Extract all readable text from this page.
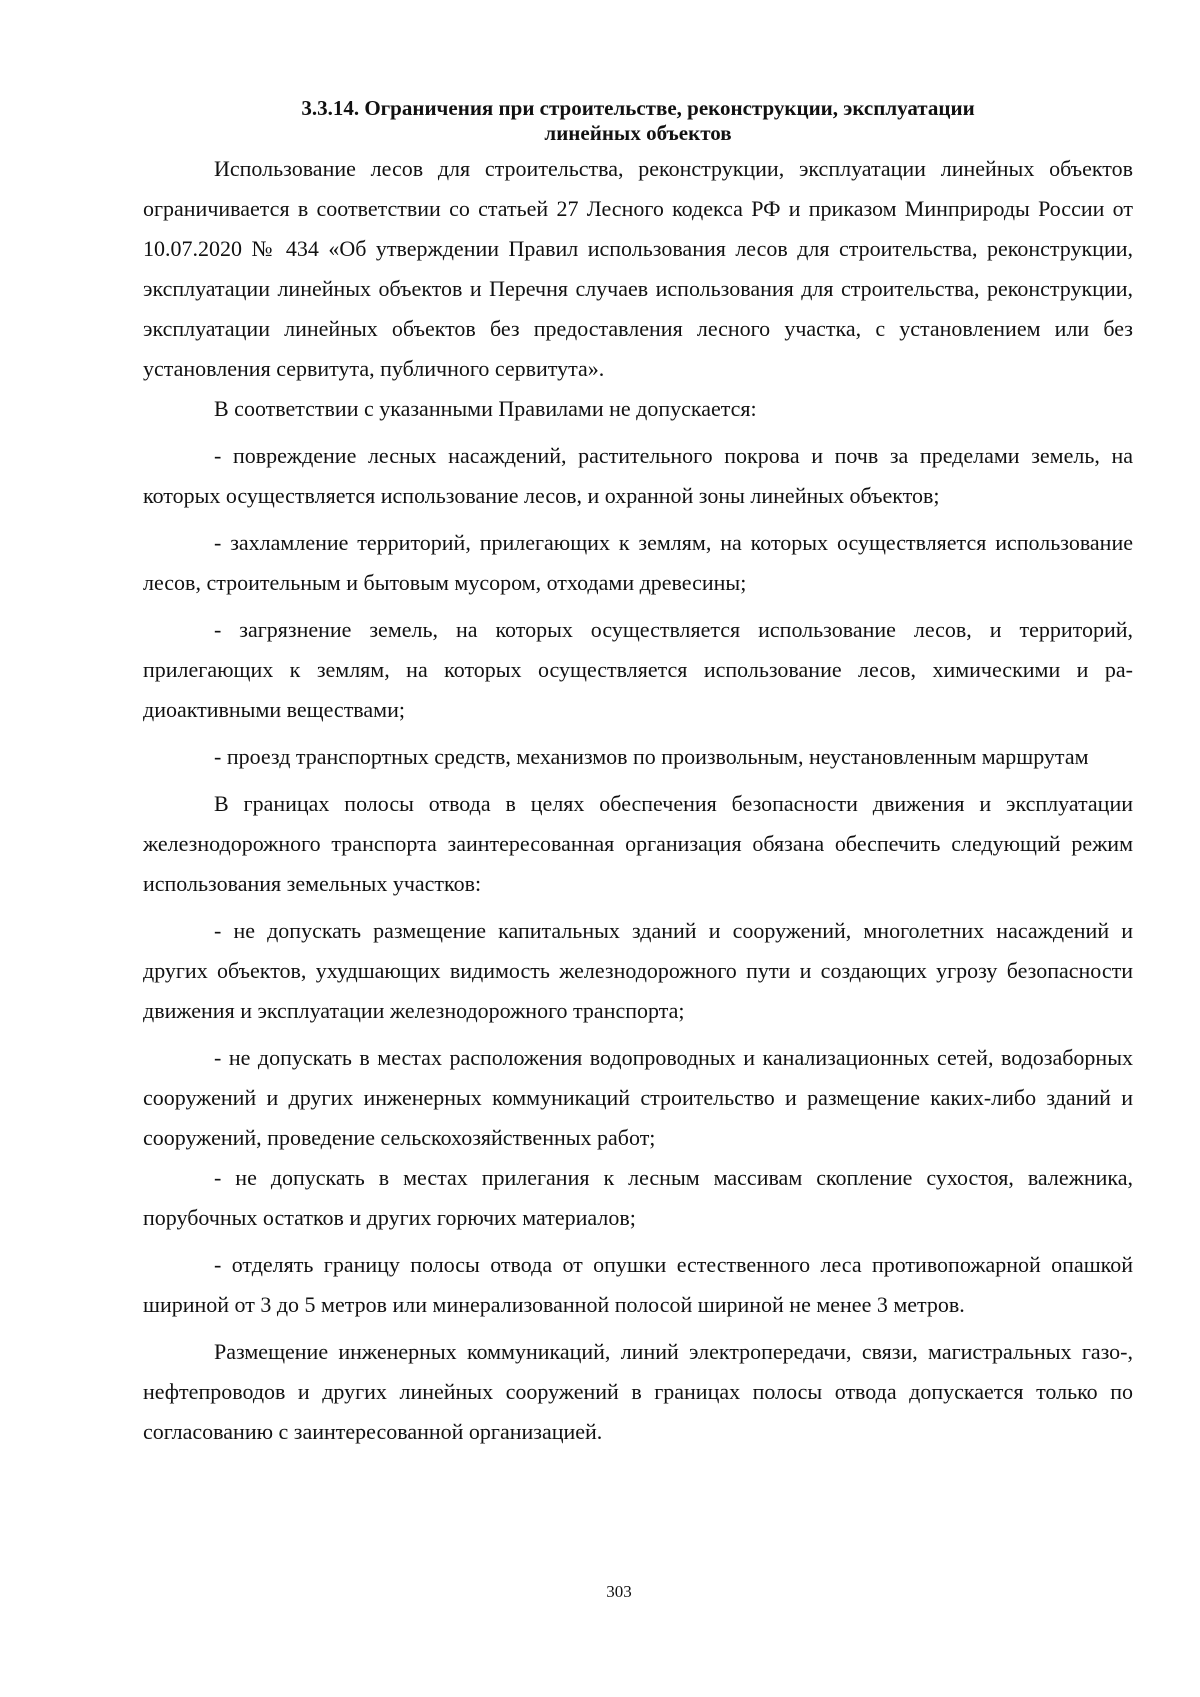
3.3.14. Ограничения при строительстве, реконструкции, эксплуатации
линейных объектов

Использование лесов для строительства, реконструкции, эксплуатации линейных объектов ограничивается в соответствии со статьей 27 Лесного кодекса РФ и приказом Минприроды России от 10.07.2020 № 434 «Об утверждении Правил использования лесов для строительства, реконструкции, эксплуатации линейных объектов и Перечня случаев использования для строительства, реконструкции, эксплуатации линейных объектов без предоставления лесного участка, с установлением или без установления сервитута, публичного сервитута».

В соответствии с указанными Правилами не допускается:

- повреждение лесных насаждений, растительного покрова и почв за пределами земель, на которых осуществляется использование лесов, и охранной зоны линейных объектов;

- захламление территорий, прилегающих к землям, на которых осуществляется использование лесов, строительным и бытовым мусором, отходами древесины;

- загрязнение земель, на которых осуществляется использование лесов, и территорий, прилегающих к землям, на которых осуществляется использование лесов, химическими и радиоактивными веществами;

- проезд транспортных средств, механизмов по произвольным, неустановленным маршрутам

В границах полосы отвода в целях обеспечения безопасности движения и эксплуатации железнодорожного транспорта заинтересованная организация обязана обеспечить следующий режим использования земельных участков:

- не допускать размещение капитальных зданий и сооружений, многолетних насаждений и других объектов, ухудшающих видимость железнодорожного пути и создающих угрозу безопасности движения и эксплуатации железнодорожного транспорта;

- не допускать в местах расположения водопроводных и канализационных сетей, водозаборных сооружений и других инженерных коммуникаций строительство и размещение каких-либо зданий и сооружений, проведение сельскохозяйственных работ;

- не допускать в местах прилегания к лесным массивам скопление сухостоя, валежника, порубочных остатков и других горючих материалов;

- отделять границу полосы отвода от опушки естественного леса противопожарной опашкой шириной от 3 до 5 метров или минерализованной полосой шириной не менее 3 метров.

Размещение инженерных коммуникаций, линий электропередачи, связи, магистральных газо-, нефтепроводов и других линейных сооружений в границах полосы отвода допускается только по согласованию с заинтересованной организацией.

303
